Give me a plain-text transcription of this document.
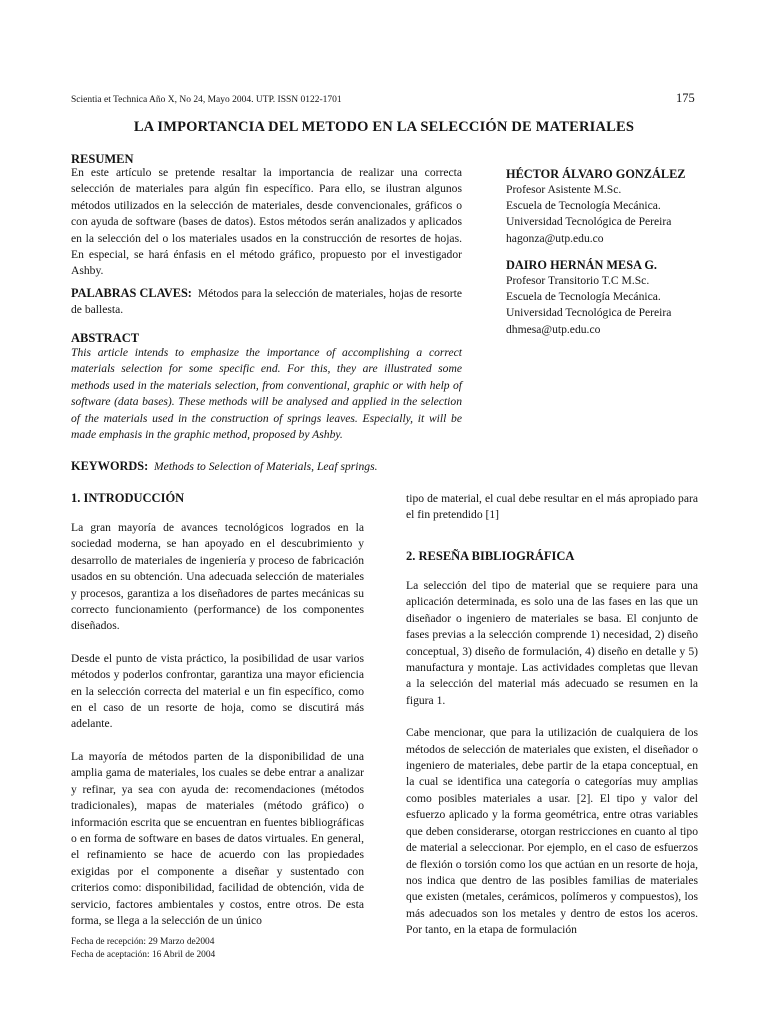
Scientia et Technica Año X, No 24, Mayo 2004. UTP. ISSN 0122-1701	175
LA IMPORTANCIA DEL METODO EN LA SELECCIÓN DE MATERIALES
RESUMEN
En este artículo se pretende resaltar la importancia de realizar una correcta selección de materiales para algún fin específico. Para ello, se ilustran algunos métodos utilizados en la selección de materiales, desde convencionales, gráficos o con ayuda de software (bases de datos). Estos métodos serán analizados y aplicados en la selección del o los materiales usados en la construcción de resortes de hojas. En especial, se hará énfasis en el método gráfico, propuesto por el investigador Ashby.
PALABRAS CLAVES: Métodos para la selección de materiales, hojas de resorte de ballesta.
ABSTRACT
This article intends to emphasize the importance of accomplishing a correct materials selection for some specific end. For this, they are illustrated some methods used in the materials selection, from conventional, graphic or with help of software (data bases). These methods will be analysed and applied in the selection of the materials used in the construction of springs leaves. Especially, it will be made emphasis in the graphic method, proposed by Ashby.
KEYWORDS: Methods to Selection of Materials, Leaf springs.
HÉCTOR ÁLVARO GONZÁLEZ
Profesor Asistente M.Sc.
Escuela de Tecnología Mecánica.
Universidad Tecnológica de Pereira
hagonza@utp.edu.co
DAIRO HERNÁN MESA G.
Profesor Transitorio T.C M.Sc.
Escuela de Tecnología Mecánica.
Universidad Tecnológica de Pereira
dhmesa@utp.edu.co
1. INTRODUCCIÓN

La gran mayoría de avances tecnológicos logrados en la sociedad moderna, se han apoyado en el descubrimiento y desarrollo de materiales de ingeniería y proceso de fabricación usados en su obtención. Una adecuada selección de materiales y procesos, garantiza a los diseñadores de partes mecánicas su correcto funcionamiento (performance) de los componentes diseñados.

Desde el punto de vista práctico, la posibilidad de usar varios métodos y poderlos confrontar, garantiza una mayor eficiencia en la selección correcta del material e un fin específico, como en el caso de un resorte de hoja, como se discutirá más adelante.

La mayoría de métodos parten de la disponibilidad de una amplia gama de materiales, los cuales se debe entrar a analizar y refinar, ya sea con ayuda de: recomendaciones (métodos tradicionales), mapas de materiales (método gráfico) o información escrita que se encuentran en fuentes bibliográficas o en forma de software en bases de datos virtuales. En general, el refinamiento se hace de acuerdo con las propiedades exigidas por el componente a diseñar y sustentado con criterios como: disponibilidad, facilidad de obtención, vida de servicio, factores ambientales y costos, entre otros. De esta forma, se llega a la selección de un único

tipo de material, el cual debe resultar en el más apropiado para el fin pretendido [1]
2. RESEÑA BIBLIOGRÁFICA

La selección del tipo de material que se requiere para una aplicación determinada, es solo una de las fases en las que un diseñador o ingeniero de materiales se basa. El conjunto de fases previas a la selección comprende 1) necesidad, 2) diseño conceptual, 3) diseño de formulación, 4) diseño en detalle y 5) manufactura y montaje. Las actividades completas que llevan a la selección del material más adecuado se resumen en la figura 1.

Cabe mencionar, que para la utilización de cualquiera de los métodos de selección de materiales que existen, el diseñador o ingeniero de materiales, debe partir de la etapa conceptual, en la cual se identifica una categoría o categorías muy amplias como posibles materiales a usar. [2]. El tipo y valor del esfuerzo aplicado y la forma geométrica, entre otras variables que deben considerarse, otorgan restricciones en cuanto al tipo de material a seleccionar. Por ejemplo, en el caso de esfuerzos de flexión o torsión como los que actúan en un resorte de hoja, nos indica que dentro de las posibles familias de materiales que existen (metales, cerámicos, polímeros y compuestos), los más adecuados son los metales y dentro de estos los aceros. Por tanto, en la etapa de formulación

Fecha de recepción: 29 Marzo de2004
Fecha de aceptación: 16 Abril de 2004
